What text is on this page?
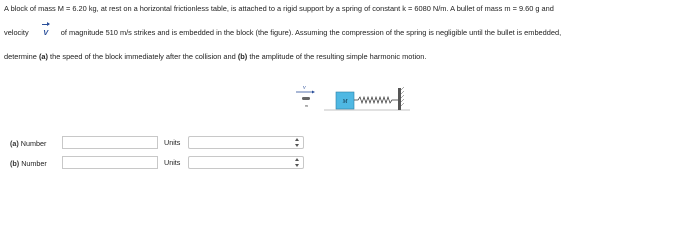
A block of mass M = 6.20 kg, at rest on a horizontal frictionless table, is attached to a rigid support by a spring of constant k = 6080 N/m. A bullet of mass m = 9.60 g and
velocity V of magnitude 510 m/s strikes and is embedded in the block (the figure). Assuming the compression of the spring is negligible until the bullet is embedded,
determine (a) the speed of the block immediately after the collision and (b) the amplitude of the resulting simple harmonic motion.
v
m
M
(a) Number	Units
(b) Number	Units
